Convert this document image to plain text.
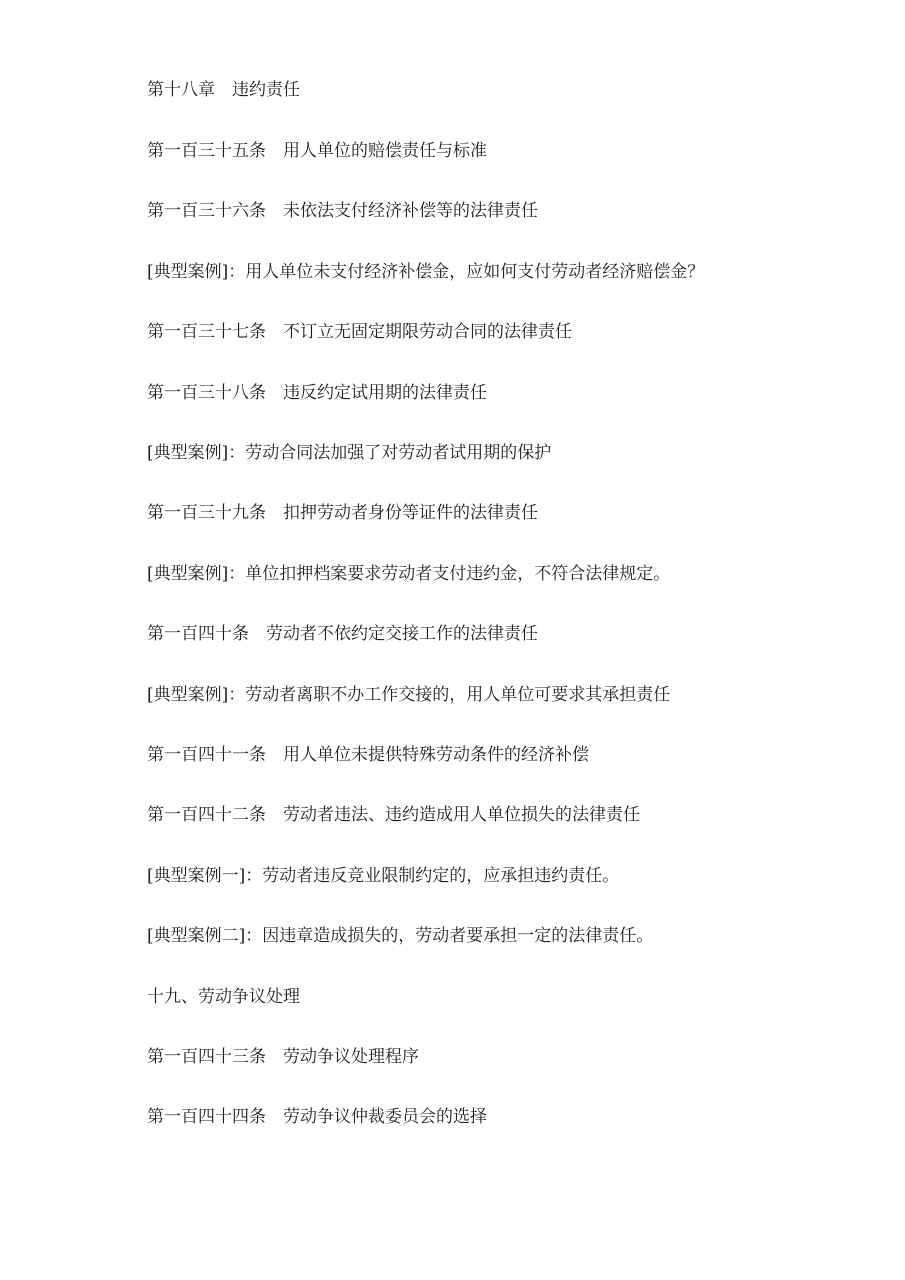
第十八章　违约责任
第一百三十五条　用人单位的赔偿责任与标准
第一百三十六条　未依法支付经济补偿等的法律责任
[典型案例]：用人单位未支付经济补偿金，应如何支付劳动者经济赔偿金？
第一百三十七条　不订立无固定期限劳动合同的法律责任
第一百三十八条　违反约定试用期的法律责任
[典型案例]：劳动合同法加强了对劳动者试用期的保护
第一百三十九条　扣押劳动者身份等证件的法律责任
[典型案例]：单位扣押档案要求劳动者支付违约金，不符合法律规定。
第一百四十条　劳动者不依约定交接工作的法律责任
[典型案例]：劳动者离职不办工作交接的，用人单位可要求其承担责任
第一百四十一条　用人单位未提供特殊劳动条件的经济补偿
第一百四十二条　劳动者违法、违约造成用人单位损失的法律责任
[典型案例一]：劳动者违反竞业限制约定的，应承担违约责任。
[典型案例二]：因违章造成损失的，劳动者要承担一定的法律责任。
十九、劳动争议处理
第一百四十三条　劳动争议处理程序
第一百四十四条　劳动争议仲裁委员会的选择
